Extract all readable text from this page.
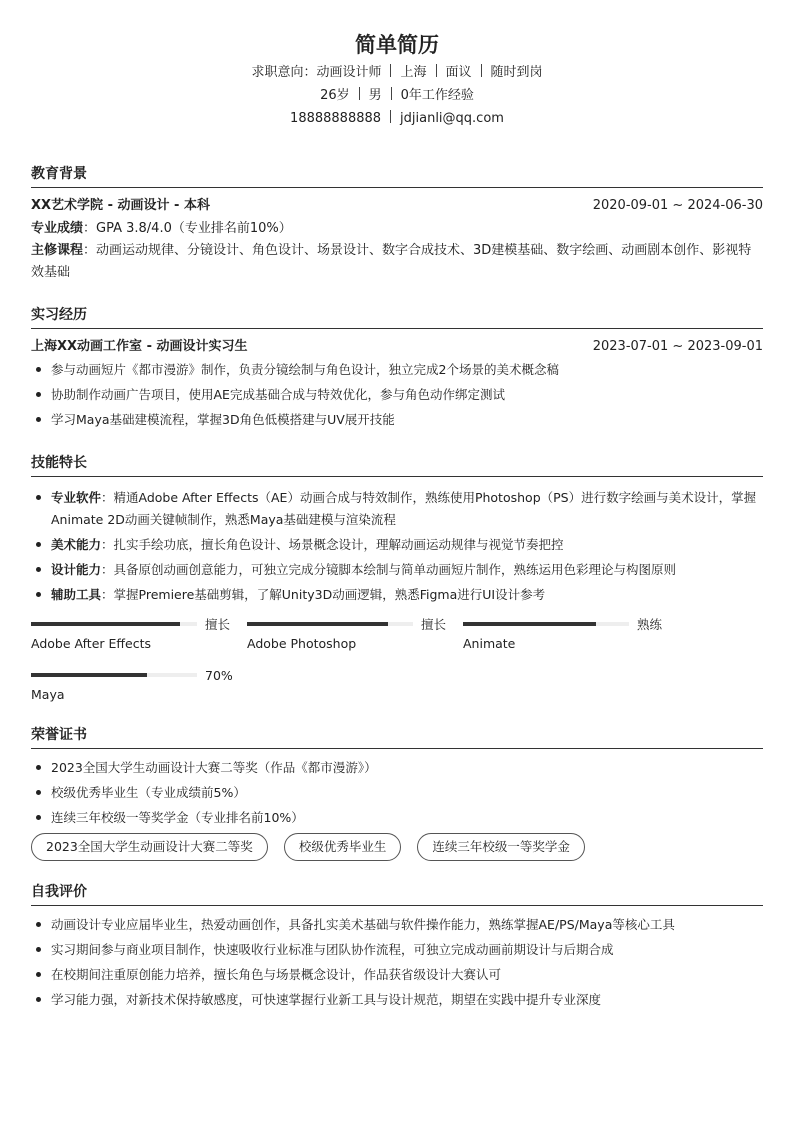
简单简历
求职意向：动画设计师 上海 面议 随时到岗
26岁 男 0年工作经验
18888888888 jdjianli@qq.com
教育背景
XX艺术学院 - 动画设计 - 本科	2020-09-01 ~ 2024-06-30
专业成绩：GPA 3.8/4.0（专业排名前10%）
主修课程：动画运动规律、分镜设计、角色设计、场景设计、数字合成技术、3D建模基础、数字绘画、动画剧本创作、影视特效基础
实习经历
上海XX动画工作室 - 动画设计实习生	2023-07-01 ~ 2023-09-01
参与动画短片《都市漫游》制作，负责分镜绘制与角色设计，独立完成2个场景的美术概念稿
协助制作动画广告项目，使用AE完成基础合成与特效优化，参与角色动作绑定测试
学习Maya基础建模流程，掌握3D角色低模搭建与UV展开技能
技能特长
专业软件：精通Adobe After Effects（AE）动画合成与特效制作，熟练使用Photoshop（PS）进行数字绘画与美术设计，掌握Animate 2D动画关键帧制作，熟悉Maya基础建模与渲染流程
美术能力：扎实手绘功底，擅长角色设计、场景概念设计，理解动画运动规律与视觉节奏把控
设计能力：具备原创动画创意能力，可独立完成分镜脚本绘制与简单动画短片制作，熟练运用色彩理论与构图原则
辅助工具：掌握Premiere基础剪辑，了解Unity3D动画逻辑，熟悉Figma进行UI设计参考
擅长
Adobe After Effects
擅长
Adobe Photoshop
熟练
Animate
70%
Maya
荣誉证书
2023全国大学生动画设计大赛二等奖（作品《都市漫游》）
校级优秀毕业生（专业成绩前5%）
连续三年校级一等奖学金（专业排名前10%）
2023全国大学生动画设计大赛二等奖	校级优秀毕业生	连续三年校级一等奖学金
自我评价
动画设计专业应届毕业生，热爱动画创作，具备扎实美术基础与软件操作能力，熟练掌握AE/PS/Maya等核心工具
实习期间参与商业项目制作，快速吸收行业标准与团队协作流程，可独立完成动画前期设计与后期合成
在校期间注重原创能力培养，擅长角色与场景概念设计，作品获省级设计大赛认可
学习能力强，对新技术保持敏感度，可快速掌握行业新工具与设计规范，期望在实践中提升专业深度
